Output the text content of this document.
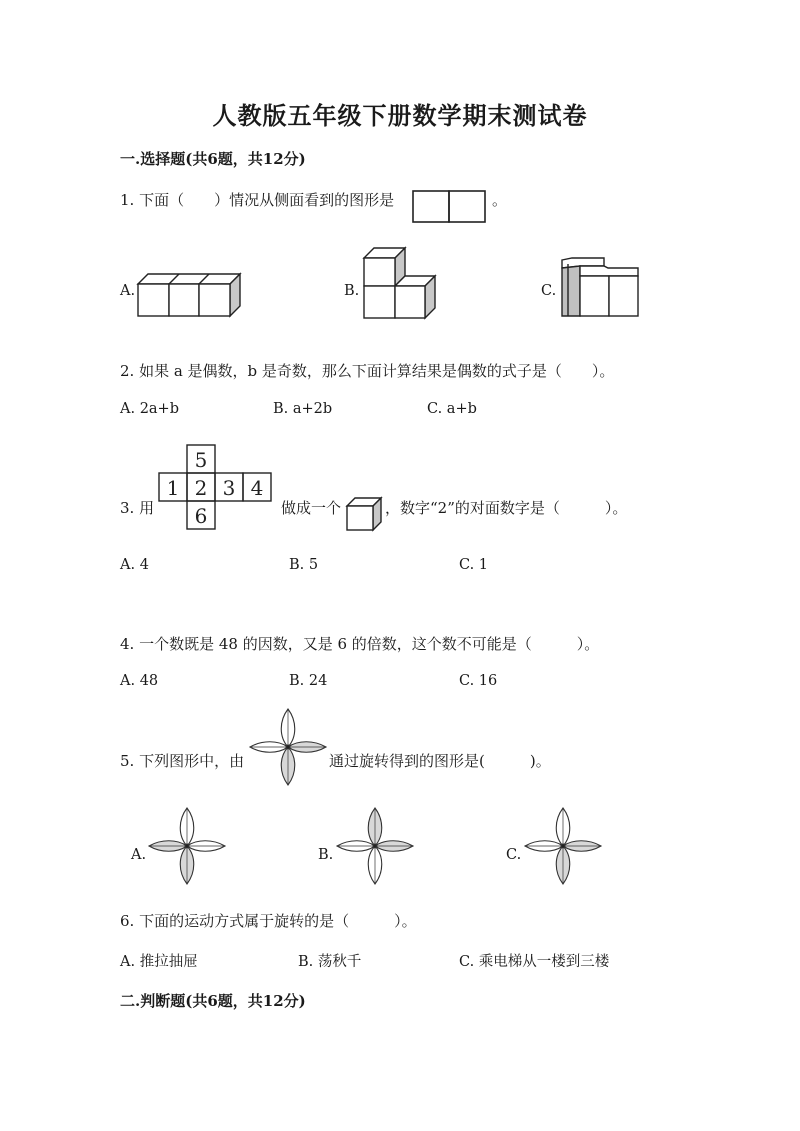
人教版五年级下册数学期末测试卷
一.选择题(共6题，共12分)
1. 下面（　　）情况从侧面看到的图形是	。
A.	B.	C.
2. 如果 a 是偶数，b 是奇数，那么下面计算结果是偶数的式子是（　　）。
A. 2a+b	B. a+2b	C. a+b
3. 用
5
1 2 3 4
6	做成一个	，数字“2”的对面数字是（　　　）。
A. 4	B. 5	C. 1
4. 一个数既是 48 的因数，又是 6 的倍数，这个数不可能是（　　　）。
A. 48	B. 24	C. 16
5. 下列图形中，由	通过旋转得到的图形是(　　　)。
A.	B.	C.
6. 下面的运动方式属于旋转的是（　　　）。
A. 推拉抽屉	B. 荡秋千	C. 乘电梯从一楼到三楼
二.判断题(共6题，共12分)
